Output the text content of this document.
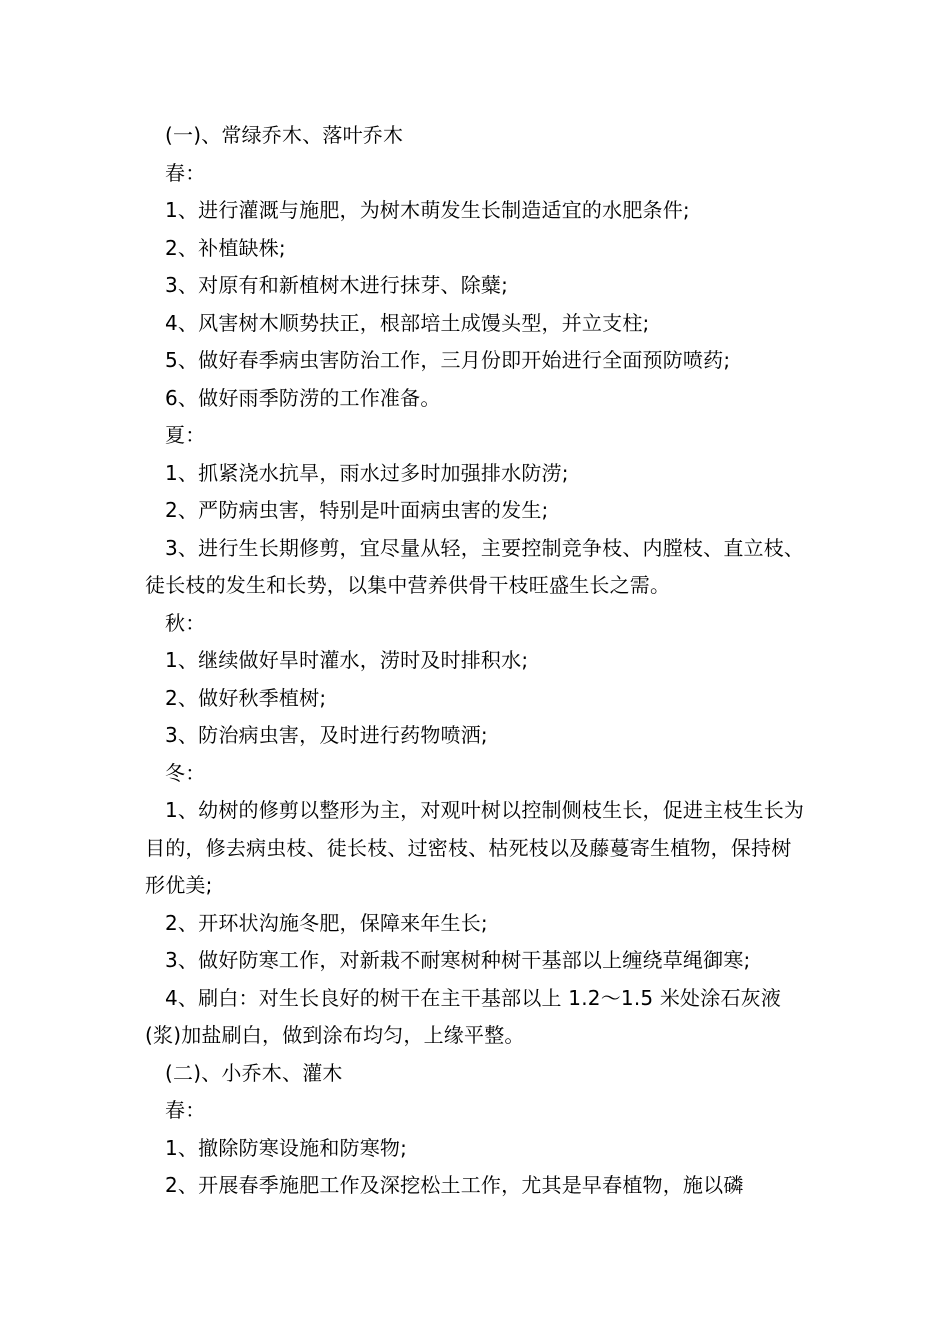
(一)、常绿乔木、落叶乔木

春：

1、进行灌溉与施肥，为树木萌发生长制造适宜的水肥条件;

2、补植缺株;

3、对原有和新植树木进行抹芽、除糵;

4、风害树木顺势扶正，根部培土成馒头型，并立支柱;

5、做好春季病虫害防治工作，三月份即开始进行全面预防喷药;

6、做好雨季防涝的工作准备。

夏：

1、抓紧浇水抗旱，雨水过多时加强排水防涝;

2、严防病虫害，特别是叶面病虫害的发生;

3、进行生长期修剪，宜尽量从轻，主要控制竞争枝、内膛枝、直立枝、徒长枝的发生和长势，以集中营养供骨干枝旺盛生长之需。

秋：

1、继续做好旱时灌水，涝时及时排积水;

2、做好秋季植树;

3、防治病虫害，及时进行药物喷洒;

冬：

1、幼树的修剪以整形为主，对观叶树以控制侧枝生长，促进主枝生长为目的，修去病虫枝、徒长枝、过密枝、枯死枝以及藤蔓寄生植物，保持树形优美;

2、开环状沟施冬肥，保障来年生长;

3、做好防寒工作，对新栽不耐寒树种树干基部以上缠绕草绳御寒;

4、刷白：对生长良好的树干在主干基部以上 1.2～1.5 米处涂石灰液(浆)加盐刷白，做到涂布均匀，上缘平整。

(二)、小乔木、灌木

春：

1、撤除防寒设施和防寒物;

2、开展春季施肥工作及深挖松土工作，尤其是早春植物，施以磷
